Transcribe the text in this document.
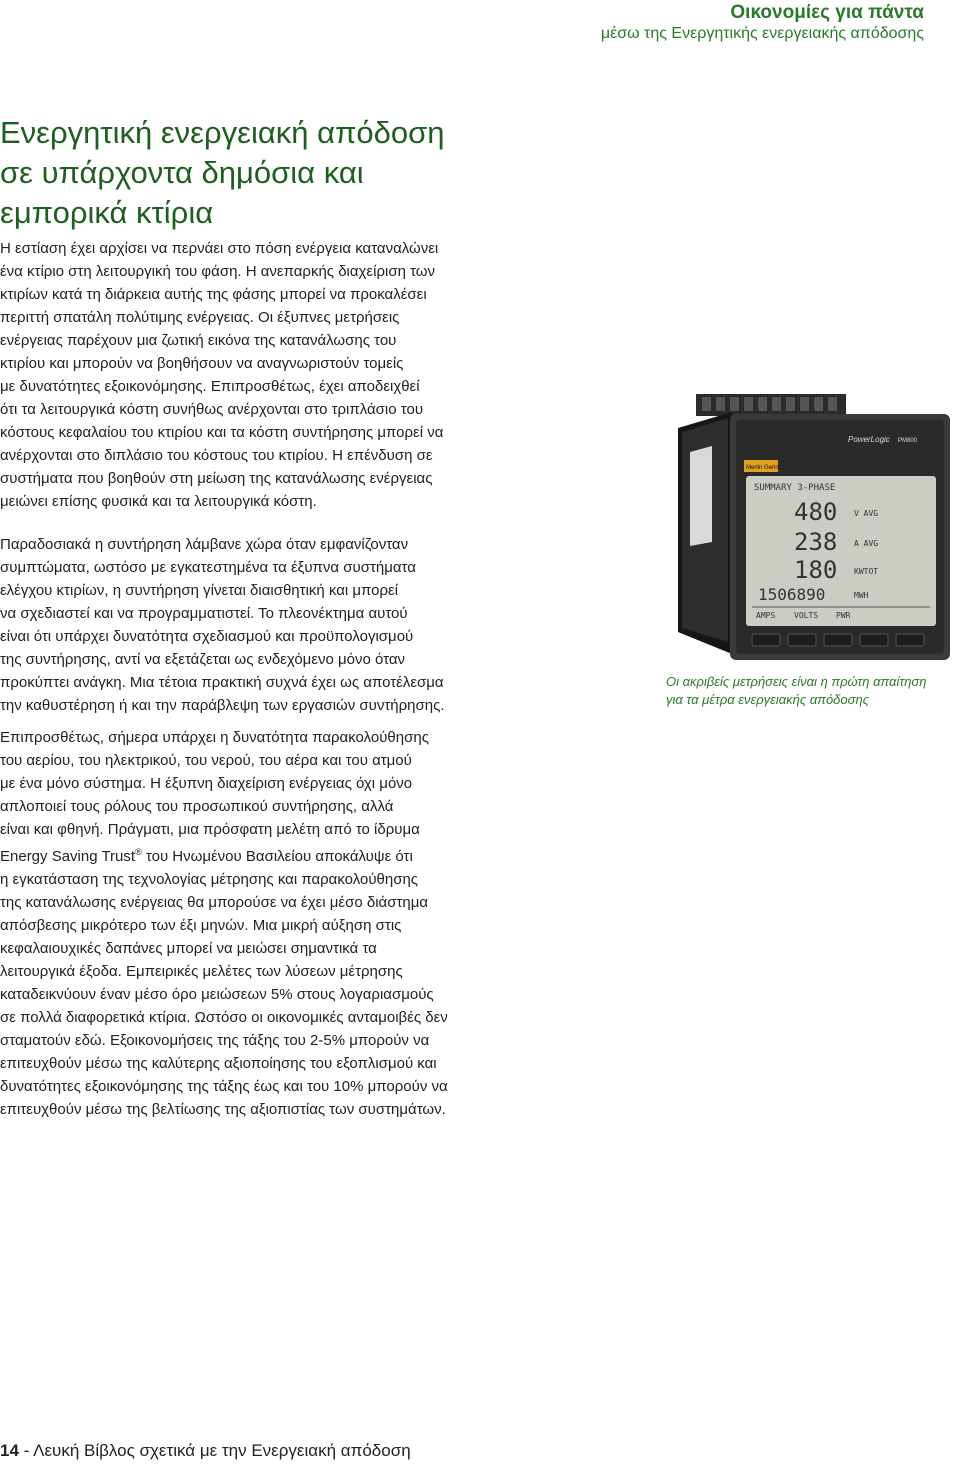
Οικονομίες για πάντα
μέσω της Ενεργητικής ενεργειακής απόδοσης
Ενεργητική ενεργειακή απόδοση
σε υπάρχοντα δημόσια και
εμπορικά κτίρια
Η εστίαση έχει αρχίσει να περνάει στο πόση ενέργεια καταναλώνει
ένα κτίριο στη λειτουργική του φάση. Η ανεπαρκής διαχείριση των
κτιρίων κατά τη διάρκεια αυτής της φάσης μπορεί να προκαλέσει
περιττή σπατάλη πολύτιμης ενέργειας. Οι έξυπνες μετρήσεις
ενέργειας παρέχουν μια ζωτική εικόνα της κατανάλωσης του
κτιρίου και μπορούν να βοηθήσουν να αναγνωριστούν τομείς
με δυνατότητες εξοικονόμησης. Επιπροσθέτως, έχει αποδειχθεί
ότι τα λειτουργικά κόστη συνήθως ανέρχονται στο τριπλάσιο του
κόστους κεφαλαίου του κτιρίου και τα κόστη συντήρησης μπορεί να
ανέρχονται στο διπλάσιο του κόστους του κτιρίου. Η επένδυση σε
συστήματα που βοηθούν στη μείωση της κατανάλωσης ενέργειας
μειώνει επίσης φυσικά και τα λειτουργικά κόστη.
Παραδοσιακά η συντήρηση λάμβανε χώρα όταν εμφανίζονταν
συμπτώματα, ωστόσο με εγκατεστημένα τα έξυπνα συστήματα
ελέγχου κτιρίων, η συντήρηση γίνεται διαισθητική και μπορεί
να σχεδιαστεί και να προγραμματιστεί. Το πλεονέκτημα αυτού
είναι ότι υπάρχει δυνατότητα σχεδιασμού και προϋπολογισμού
της συντήρησης, αντί να εξετάζεται ως ενδεχόμενο μόνο όταν
προκύπτει ανάγκη. Μια τέτοια πρακτική συχνά έχει ως αποτέλεσμα
την καθυστέρηση ή και την παράβλεψη των εργασιών συντήρησης.
Επιπροσθέτως, σήμερα υπάρχει η δυνατότητα παρακολούθησης
του αερίου, του ηλεκτρικού, του νερού, του αέρα και του ατμού
με ένα μόνο σύστημα. Η έξυπνη διαχείριση ενέργειας όχι μόνο
απλοποιεί τους ρόλους του προσωπικού συντήρησης, αλλά
είναι και φθηνή. Πράγματι, μια πρόσφατη μελέτη από το ίδρυμα
Energy Saving Trust® του Ηνωμένου Βασιλείου αποκάλυψε ότι
η εγκατάσταση της τεχνολογίας μέτρησης και παρακολούθησης
της κατανάλωσης ενέργειας θα μπορούσε να έχει μέσο διάστημα
απόσβεσης μικρότερο των έξι μηνών. Μια μικρή αύξηση στις
κεφαλαιουχικές δαπάνες μπορεί να μειώσει σημαντικά τα
λειτουργικά έξοδα. Εμπειρικές μελέτες των λύσεων μέτρησης
καταδεικνύουν έναν μέσο όρο μειώσεων 5% στους λογαριασμούς
σε πολλά διαφορετικά κτίρια. Ωστόσο οι οικονομικές ανταμοιβές δεν
σταματούν εδώ. Εξοικονομήσεις της τάξης του 2-5% μπορούν να
επιτευχθούν μέσω της καλύτερης αξιοποίησης του εξοπλισμού και
δυνατότητες εξοικονόμησης της τάξης έως και του 10% μπορούν να
επιτευχθούν μέσω της βελτίωσης της αξιοπιστίας των συστημάτων.
Merlin Gerin
PowerLogic PM800
SUMMARY 3-PHASE
480 V AVG
238 A AVG
180 KWTOT
1506890	MWH
AMPS VOLTS PWR
Οι ακριβείς μετρήσεις είναι η πρώτη απαίτηση
για τα μέτρα ενεργειακής απόδοσης
14 - Λευκή Βίβλος σχετικά με την Ενεργειακή απόδοση
